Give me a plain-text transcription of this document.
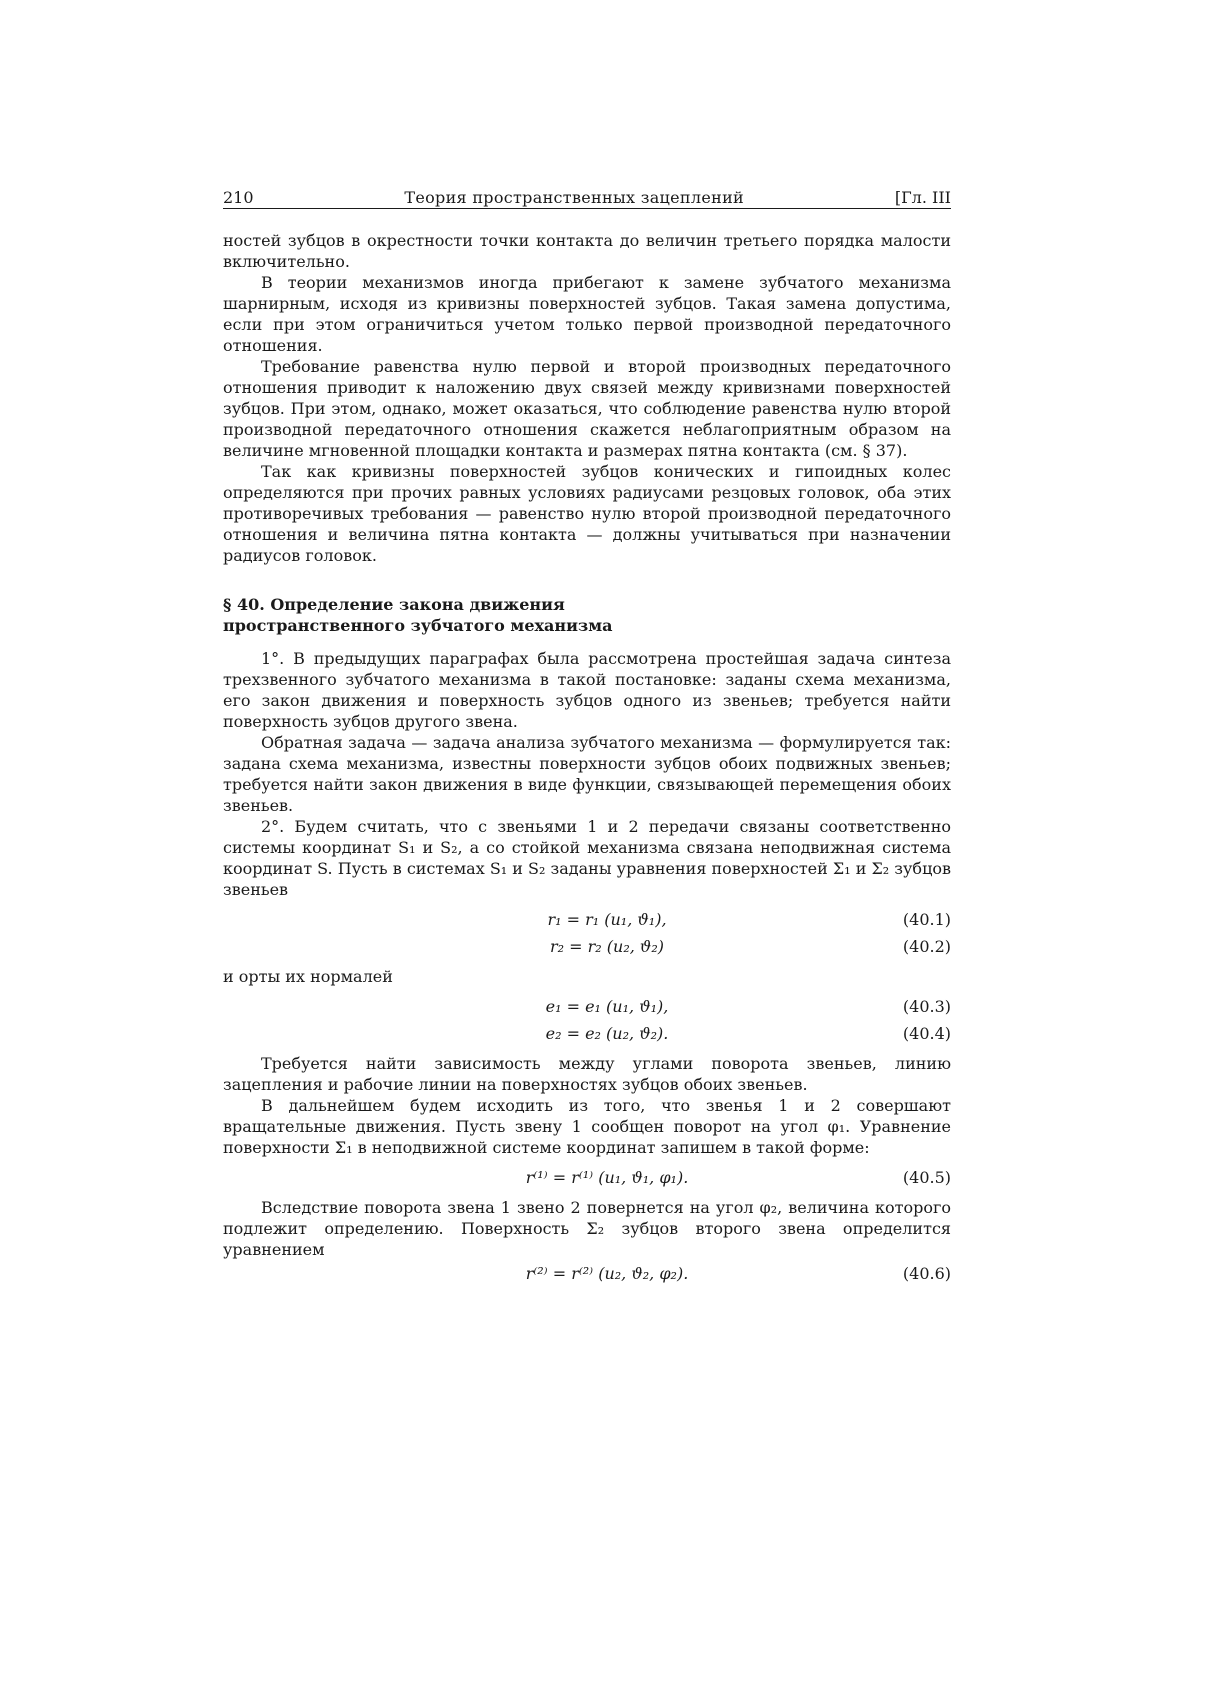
210	Теория пространственных зацеплений	[Гл. III

ностей зубцов в окрестности точки контакта до величин третьего порядка малости включительно.

В теории механизмов иногда прибегают к замене зубчатого механизма шарнирным, исходя из кривизны поверхностей зубцов. Такая замена допустима, если при этом ограничиться учетом только первой производной передаточного отношения.

Требование равенства нулю первой и второй производных передаточного отношения приводит к наложению двух связей между кривизнами поверхностей зубцов. При этом, однако, может оказаться, что соблюдение равенства нулю второй производной передаточного отношения скажется неблагоприятным образом на величине мгновенной площадки контакта и размерах пятна контакта (см. § 37).

Так как кривизны поверхностей зубцов конических и гипоидных колес определяются при прочих равных условиях радиусами резцовых головок, оба этих противоречивых требования — равенство нулю второй производной передаточного отношения и величина пятна контакта — должны учитываться при назначении радиусов головок.

§ 40. Определение закона движения
пространственного зубчатого механизма

1°. В предыдущих параграфах была рассмотрена простейшая задача синтеза трехзвенного зубчатого механизма в такой постановке: заданы схема механизма, его закон движения и поверхность зубцов одного из звеньев; требуется найти поверхность зубцов другого звена.

Обратная задача — задача анализа зубчатого механизма — формулируется так: задана схема механизма, известны поверхности зубцов обоих подвижных звеньев; требуется найти закон движения в виде функции, связывающей перемещения обоих звеньев.

2°. Будем считать, что с звеньями 1 и 2 передачи связаны соответственно системы координат S₁ и S₂, а со стойкой механизма связана неподвижная система координат S. Пусть в системах S₁ и S₂ заданы уравнения поверхностей Σ₁ и Σ₂ зубцов звеньев

r₁ = r₁ (u₁, ϑ₁),	(40.1)
r₂ = r₂ (u₂, ϑ₂)	(40.2)

и орты их нормалей

e₁ = e₁ (u₁, ϑ₁),	(40.3)
e₂ = e₂ (u₂, ϑ₂).	(40.4)

Требуется найти зависимость между углами поворота звеньев, линию зацепления и рабочие линии на поверхностях зубцов обоих звеньев.

В дальнейшем будем исходить из того, что звенья 1 и 2 совершают вращательные движения. Пусть звену 1 сообщен поворот на угол φ₁. Уравнение поверхности Σ₁ в неподвижной системе координат запишем в такой форме:

r⁽¹⁾ = r⁽¹⁾ (u₁, ϑ₁, φ₁).	(40.5)

Вследствие поворота звена 1 звено 2 повернется на угол φ₂, величина которого подлежит определению. Поверхность Σ₂ зубцов второго звена определится уравнением

r⁽²⁾ = r⁽²⁾ (u₂, ϑ₂, φ₂).	(40.6)
